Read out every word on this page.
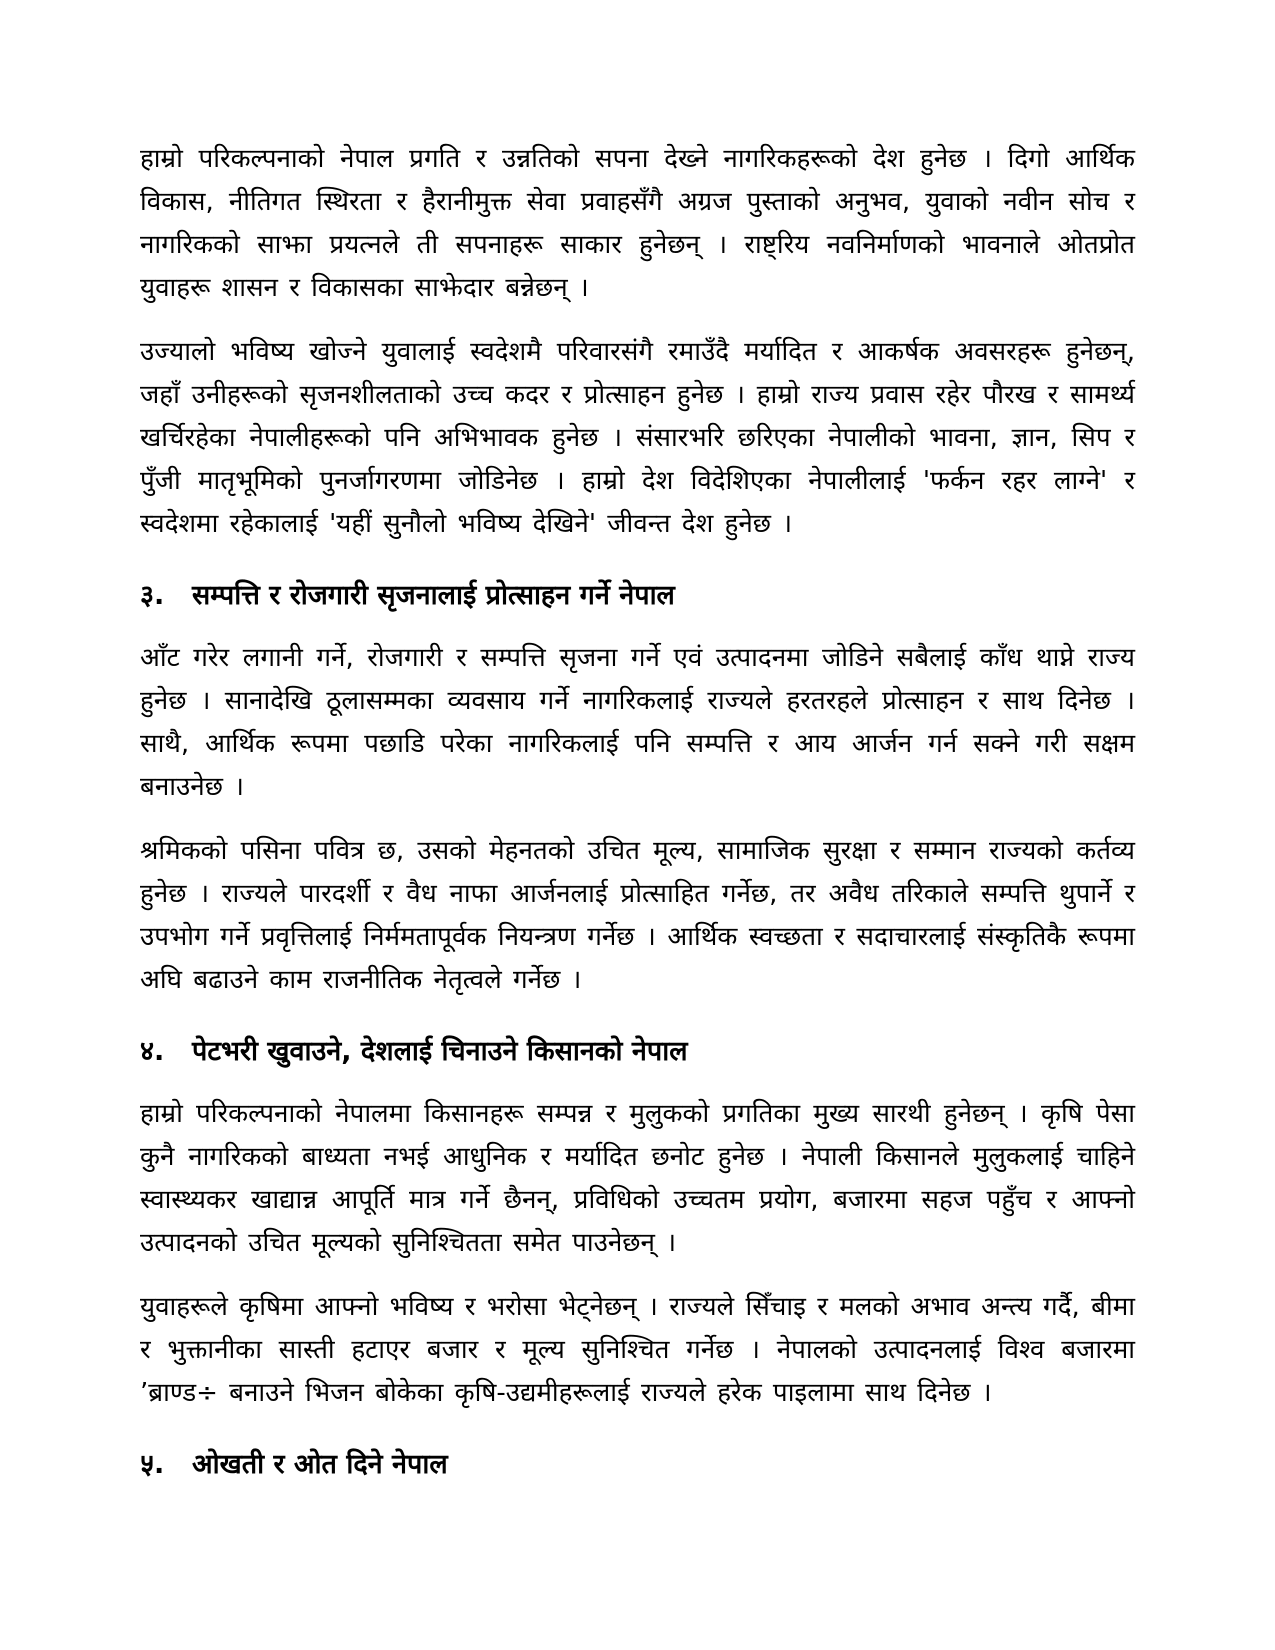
हाम्रो परिकल्पनाको नेपाल प्रगति र उन्नतिको सपना देख्ने नागरिकहरूको देश हुनेछ । दिगो आर्थिक विकास, नीतिगत स्थिरता र हैरानीमुक्त सेवा प्रवाहसँगै अग्रज पुस्ताको अनुभव, युवाको नवीन सोच र नागरिकको साझा प्रयत्नले ती सपनाहरू साकार हुनेछन् । राष्ट्रिय नवनिर्माणको भावनाले ओतप्रोत युवाहरू शासन र विकासका साझेदार बन्नेछन् ।

उज्यालो भविष्य खोज्ने युवालाई स्वदेशमै परिवारसंगै रमाउँदै मर्यादित र आकर्षक अवसरहरू हुनेछन्, जहाँ उनीहरूको सृजनशीलताको उच्च कदर र प्रोत्साहन हुनेछ । हाम्रो राज्य प्रवास रहेर पौरख र सामर्थ्य खर्चिरहेका नेपालीहरूको पनि अभिभावक हुनेछ । संसारभरि छरिएका नेपालीको भावना, ज्ञान, सिप र पुँजी मातृभूमिको पुनर्जागरणमा जोडिनेछ । हाम्रो देश विदेशिएका नेपालीलाई 'फर्कन रहर लाग्ने' र स्वदेशमा रहेकालाई 'यहीं सुनौलो भविष्य देखिने' जीवन्त देश हुनेछ ।

३.	सम्पत्ति र रोजगारी सृजनालाई प्रोत्साहन गर्ने नेपाल

आँट गरेर लगानी गर्ने, रोजगारी र सम्पत्ति सृजना गर्ने एवं उत्पादनमा जोडिने सबैलाई काँध थाप्ने राज्य हुनेछ । सानादेखि ठूलासम्मका व्यवसाय गर्ने नागरिकलाई राज्यले हरतरहले प्रोत्साहन र साथ दिनेछ । साथै, आर्थिक रूपमा पछाडि परेका नागरिकलाई पनि सम्पत्ति र आय आर्जन गर्न सक्ने गरी सक्षम बनाउनेछ ।

श्रमिकको पसिना पवित्र छ, उसको मेहनतको उचित मूल्य, सामाजिक सुरक्षा र सम्मान राज्यको कर्तव्य हुनेछ । राज्यले पारदर्शी र वैध नाफा आर्जनलाई प्रोत्साहित गर्नेछ, तर अवैध तरिकाले सम्पत्ति थुपार्ने र उपभोग गर्ने प्रवृत्तिलाई निर्ममतापूर्वक नियन्त्रण गर्नेछ । आर्थिक स्वच्छता र सदाचारलाई संस्कृतिकै रूपमा अघि बढाउने काम राजनीतिक नेतृत्वले गर्नेछ ।

४.	पेटभरी खुवाउने, देशलाई चिनाउने किसानको नेपाल

हाम्रो परिकल्पनाको नेपालमा किसानहरू सम्पन्न र मुलुकको प्रगतिका मुख्य सारथी हुनेछन् । कृषि पेसा कुनै नागरिकको बाध्यता नभई आधुनिक र मर्यादित छनोट हुनेछ । नेपाली किसानले मुलुकलाई चाहिने स्वास्थ्यकर खाद्यान्न आपूर्ति मात्र गर्ने छैनन्, प्रविधिको उच्चतम प्रयोग, बजारमा सहज पहुँच र आफ्नो उत्पादनको उचित मूल्यको सुनिश्चितता समेत पाउनेछन् ।

युवाहरूले कृषिमा आफ्नो भविष्य र भरोसा भेट्नेछन् । राज्यले सिँचाइ र मलको अभाव अन्त्य गर्दै, बीमा र भुक्तानीका सास्ती हटाएर बजार र मूल्य सुनिश्चित गर्नेछ । नेपालको उत्पादनलाई विश्व बजारमा ’ब्राण्ड÷ बनाउने भिजन बोकेका कृषि-उद्यमीहरूलाई राज्यले हरेक पाइलामा साथ दिनेछ ।

५.	ओखती र ओत दिने नेपाल
